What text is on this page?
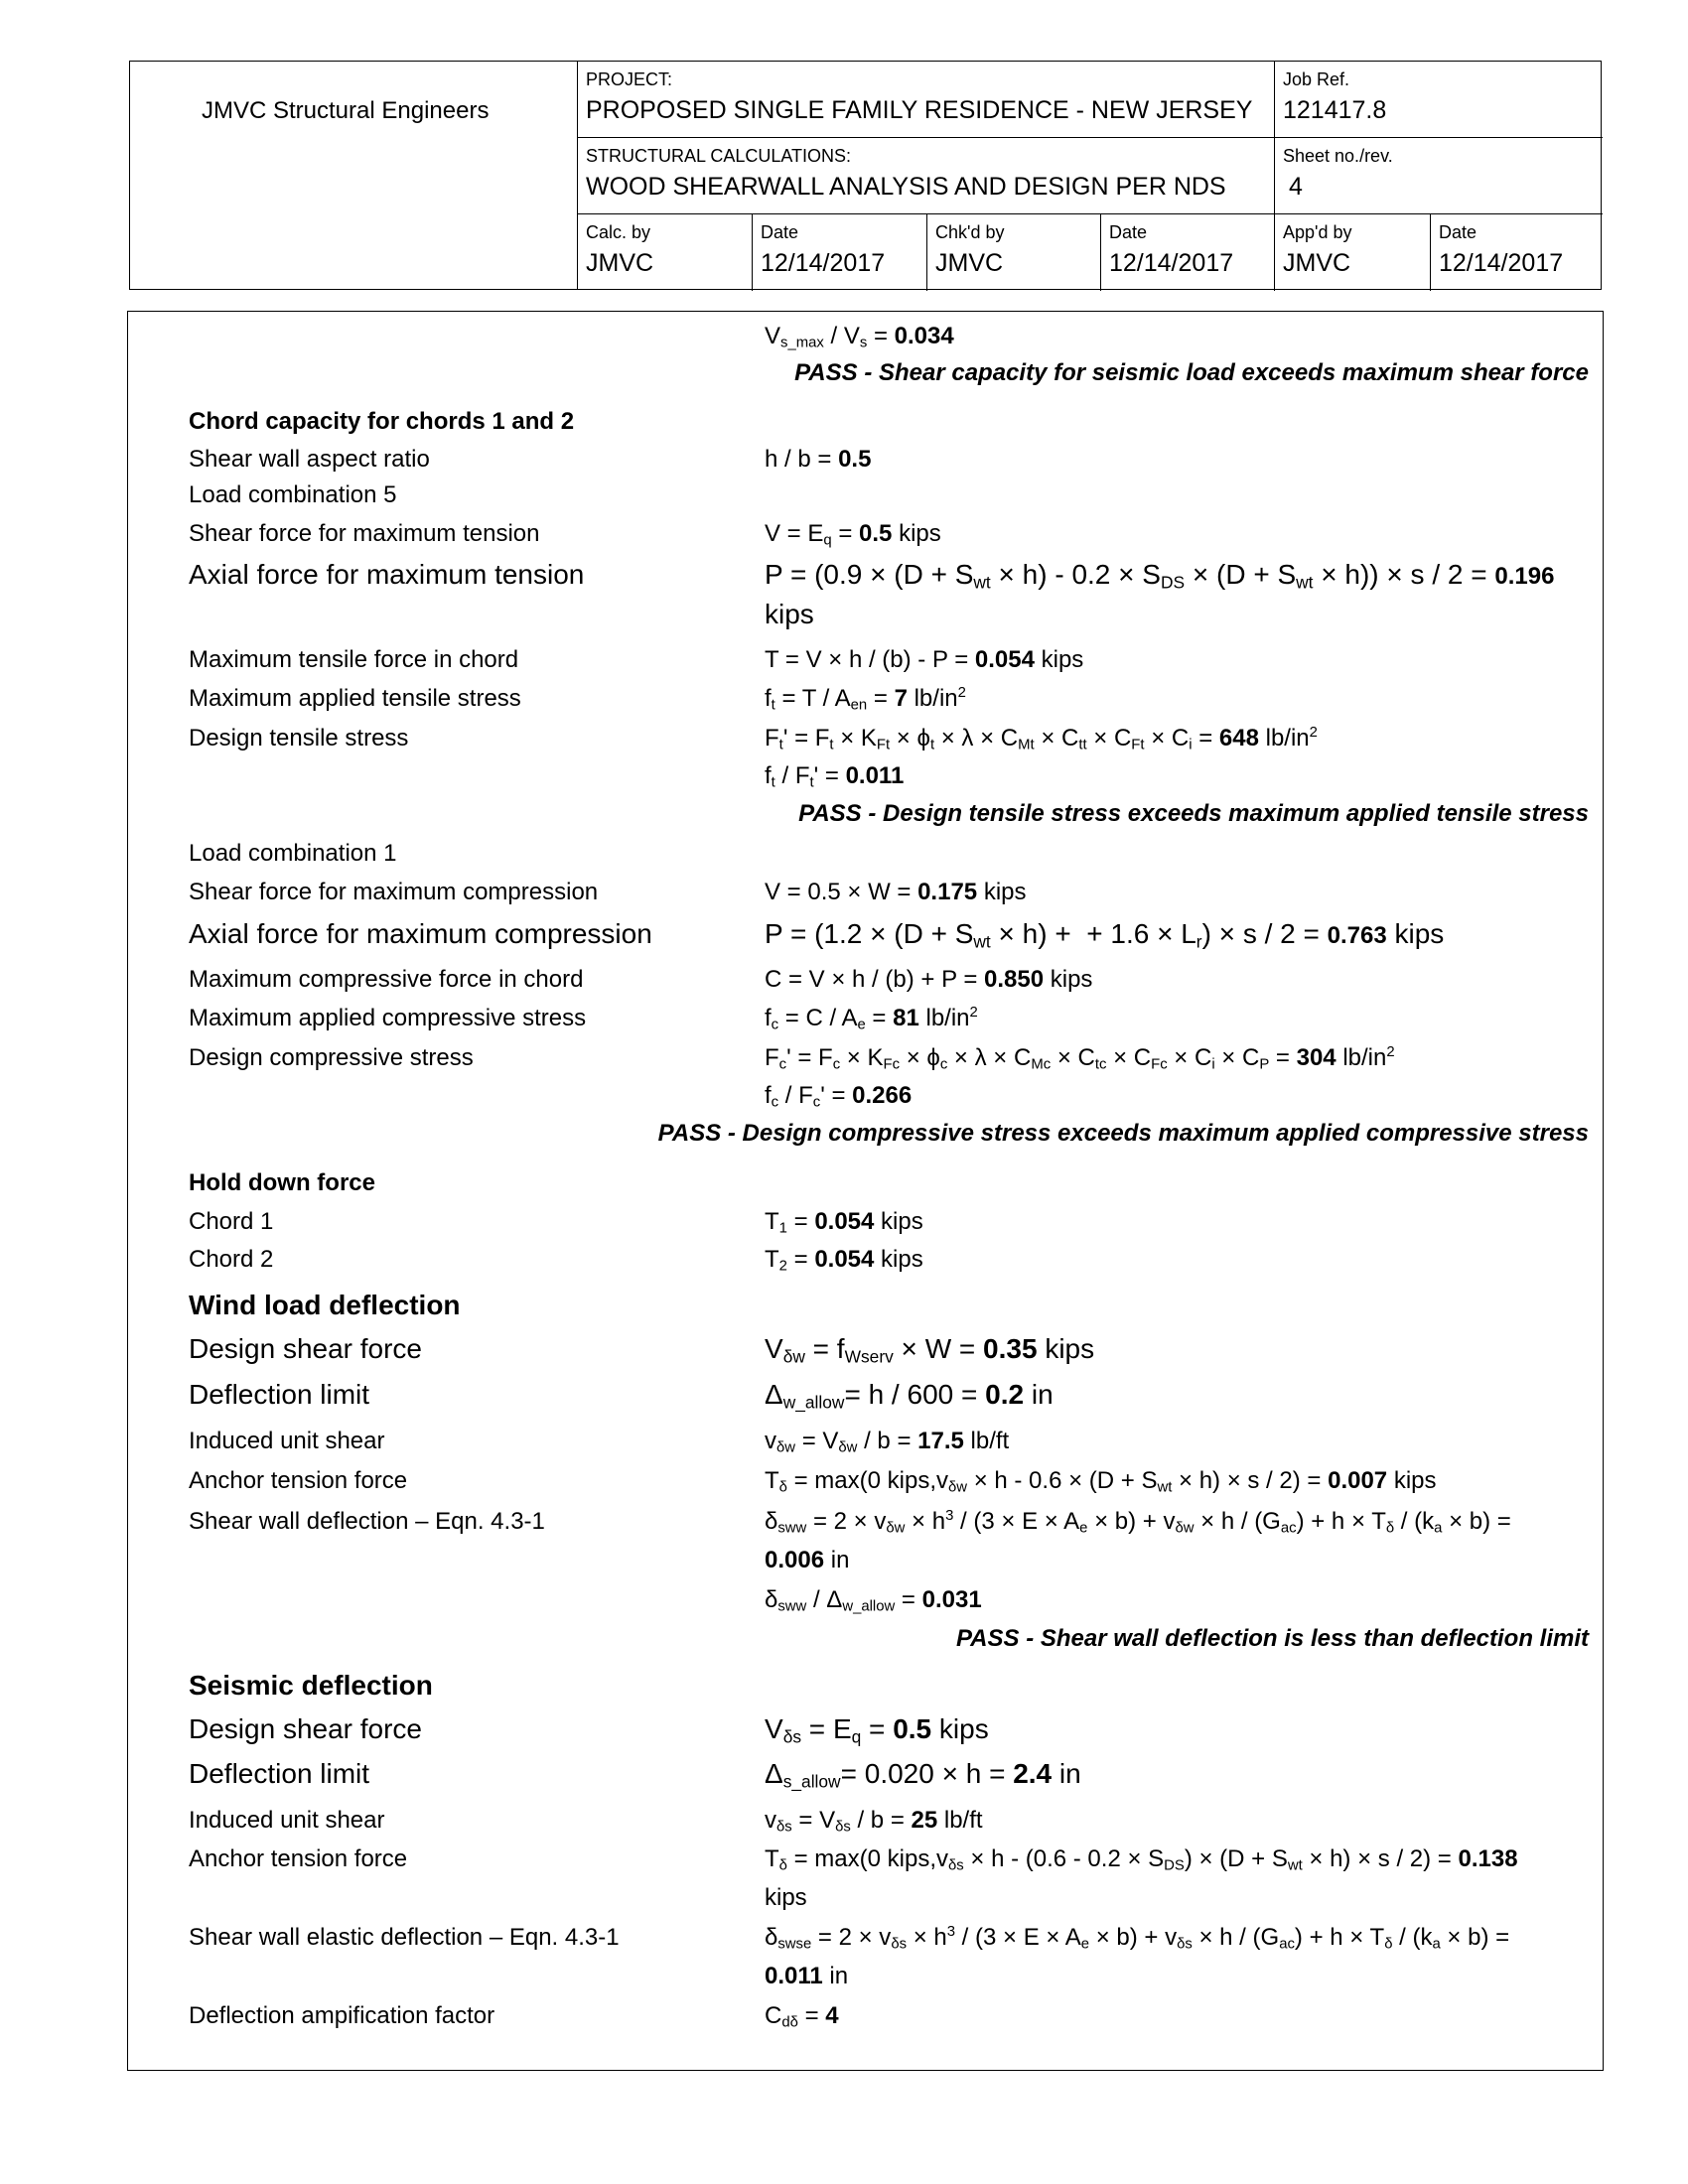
JMVC Structural Engineers
PROJECT:
PROPOSED SINGLE FAMILY RESIDENCE - NEW JERSEY
Job Ref.
121417.8
STRUCTURAL CALCULATIONS:
WOOD SHEARWALL ANALYSIS AND DESIGN PER NDS
Sheet no./rev.
4
Calc. by
JMVC
Date
12/14/2017
Chk'd by
JMVC
Date
12/14/2017
App'd by
JMVC
Date
12/14/2017
$V_{s\_max} / V_s = 0.034$
PASS - Shear capacity for seismic load exceeds maximum shear force
Chord capacity for chords 1 and 2
Shear wall aspect ratio	h / b = 0.5
Load combination 5
Shear force for maximum tension	$V = E_q = 0.5$ kips
Axial force for maximum tension	$P = (0.9 \times (D + S_{wt} \times h) - 0.2 \times S_{DS} \times (D + S_{wt} \times h)) \times s / 2 = 0.196$
kips
Maximum tensile force in chord	T = V × h / (b) - P = 0.054 kips
Maximum applied tensile stress	$f_t = T / A_{en} = 7$ $lb/in^2$
Design tensile stress	$F_t' = F_t \times K_{Ft} \times \phi_t \times \lambda \times C_{Mt} \times C_{tt} \times C_{Ft} \times C_i = 648$ $lb/in^2$
$f_t / F_t' = 0.011$
PASS - Design tensile stress exceeds maximum applied tensile stress
Load combination 1
Shear force for maximum compression	V = 0.5 × W = 0.175 kips
Axial force for maximum compression	$P = (1.2 \times (D + S_{wt} \times h)$ +  + $1.6 \times L_r) \times s / 2 = 0.763$ kips
Maximum compressive force in chord	C = V × h / (b) + P = 0.850 kips
Maximum applied compressive stress	$f_c = C / A_e = 81$ $lb/in^2$
Design compressive stress	$F_c' = F_c \times K_{Fc} \times \phi_c \times \lambda \times C_{Mc} \times C_{tc} \times C_{Fc} \times C_i \times C_P = 304$ $lb/in^2$
$f_c / F_c' = 0.266$
PASS - Design compressive stress exceeds maximum applied compressive stress
Hold down force
Chord 1	$T_1 = 0.054$ kips
Chord 2	$T_2 = 0.054$ kips
Wind load deflection
Design shear force	$V_{\delta w} = f_{Wserv} \times W = 0.35$ kips
Deflection limit	$\Delta_{w\_allow}= h / 600 = 0.2$ in
Induced unit shear	$v_{\delta w} = V_{\delta w} / b = 17.5$ lb/ft
Anchor tension force	$T_\delta = \max(0$ $kips,v_{\delta w} \times h - 0.6 \times (D + S_{wt} \times h) \times s / 2) = 0.007$ kips
Shear wall deflection – Eqn. 4.3-1	$\delta_{sww} = 2 \times v_{\delta w} \times h^3 / (3 \times E \times A_e \times b) + v_{\delta w} \times h / (G_{ac}) + h \times T_\delta / (k_a \times b)$ =
0.006 in
$\delta_{sww} / \Delta_{w\_allow} = 0.031$
PASS - Shear wall deflection is less than deflection limit
Seismic deflection
Design shear force	$V_{\delta s} = E_q = 0.5$ kips
Deflection limit	$\Delta_{s\_allow}= 0.020 \times h = 2.4$ in
Induced unit shear	$v_{\delta s} = V_{\delta s} / b = 25$ lb/ft
Anchor tension force	$T_\delta = \max(0$ $kips,v_{\delta s} \times h - (0.6 - 0.2 \times S_{DS}) \times (D + S_{wt} \times h) \times s / 2) = 0.138$
kips
Shear wall elastic deflection – Eqn. 4.3-1	$\delta_{swse} = 2 \times v_{\delta s} \times h^3 / (3 \times E \times A_e \times b) + v_{\delta s} \times h / (G_{ac}) + h \times T_\delta / (k_a \times b)$ =
0.011 in
Deflection ampification factor	$C_{d\delta} = 4$
